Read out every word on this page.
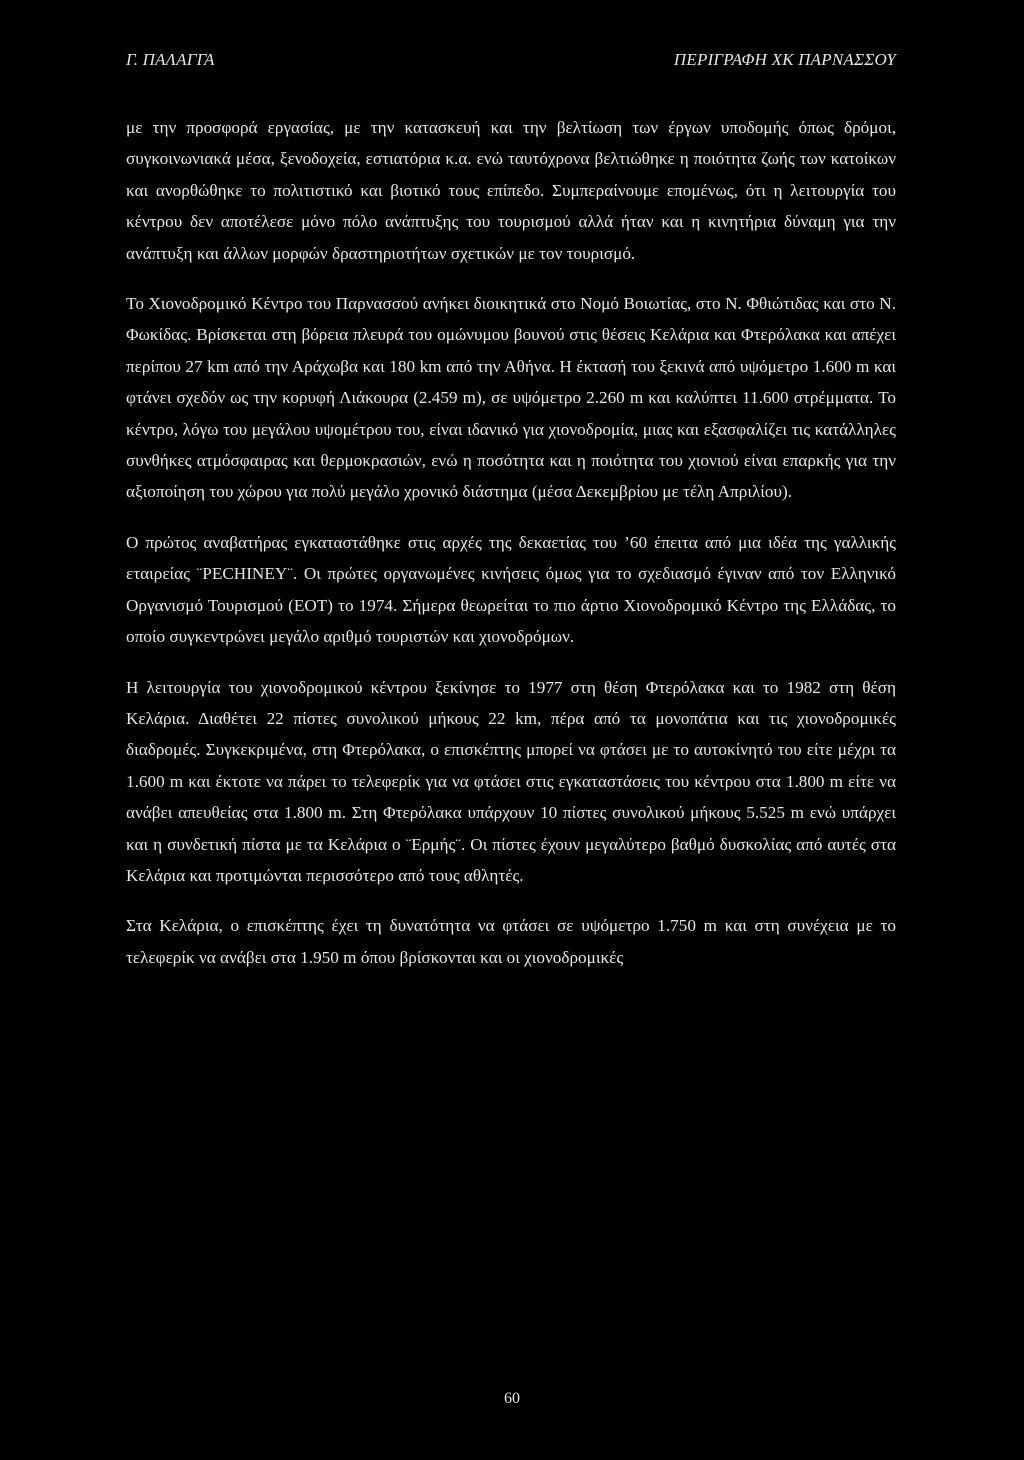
Γ. ΠΑΛΑΓΓΑ	ΠΕΡΙΓΡΑΦΗ ΧΚ ΠΑΡΝΑΣΣΟΥ

με την προσφορά εργασίας, με την κατασκευή και την βελτίωση των έργων υποδομής όπως δρόμοι, συγκοινωνιακά μέσα, ξενοδοχεία, εστιατόρια κ.α. ενώ ταυτόχρονα βελτιώθηκε η ποιότητα ζωής των κατοίκων και ανορθώθηκε το πολιτιστικό και βιοτικό τους επίπεδο. Συμπεραίνουμε επομένως, ότι η λειτουργία του κέντρου δεν αποτέλεσε μόνο πόλο ανάπτυξης του τουρισμού αλλά ήταν και η κινητήρια δύναμη για την ανάπτυξη και άλλων μορφών δραστηριοτήτων σχετικών με τον τουρισμό.

Το Χιονοδρομικό Κέντρο του Παρνασσού ανήκει διοικητικά στο Νομό Βοιωτίας, στο Ν. Φθιώτιδας και στο Ν. Φωκίδας. Βρίσκεται στη βόρεια πλευρά του ομώνυμου βουνού στις θέσεις Κελάρια και Φτερόλακα και απέχει περίπου 27 km από την Αράχωβα και 180 km από την Αθήνα. Η έκτασή του ξεκινά από υψόμετρο 1.600 m και φτάνει σχεδόν ως την κορυφή Λιάκουρα (2.459 m), σε υψόμετρο 2.260 m και καλύπτει 11.600 στρέμματα. Το κέντρο, λόγω του μεγάλου υψομέτρου του, είναι ιδανικό για χιονοδρομία, μιας και εξασφαλίζει τις κατάλληλες συνθήκες ατμόσφαιρας και θερμοκρασιών, ενώ η ποσότητα και η ποιότητα του χιονιού είναι επαρκής για την αξιοποίηση του χώρου για πολύ μεγάλο χρονικό διάστημα (μέσα Δεκεμβρίου με τέλη Απριλίου).

Ο πρώτος αναβατήρας εγκαταστάθηκε στις αρχές της δεκαετίας του ’60 έπειτα από μια ιδέα της γαλλικής εταιρείας ¨PECHINEY¨. Οι πρώτες οργανωμένες κινήσεις όμως για το σχεδιασμό έγιναν από τον Ελληνικό Οργανισμό Τουρισμού (ΕΟΤ) το 1974. Σήμερα θεωρείται το πιο άρτιο Χιονοδρομικό Κέντρο της Ελλάδας, το οποίο συγκεντρώνει μεγάλο αριθμό τουριστών και χιονοδρόμων.

Η λειτουργία του χιονοδρομικού κέντρου ξεκίνησε το 1977 στη θέση Φτερόλακα και το 1982 στη θέση Κελάρια. Διαθέτει 22 πίστες συνολικού μήκους 22 km, πέρα από τα μονοπάτια και τις χιονοδρομικές διαδρομές. Συγκεκριμένα, στη Φτερόλακα, ο επισκέπτης μπορεί να φτάσει με το αυτοκίνητό του είτε μέχρι τα 1.600 m και έκτοτε να πάρει το τελεφερίκ για να φτάσει στις εγκαταστάσεις του κέντρου στα 1.800 m είτε να ανάβει απευθείας στα 1.800 m. Στη Φτερόλακα υπάρχουν 10 πίστες συνολικού μήκους 5.525 m ενώ υπάρχει και η συνδετική πίστα με τα Κελάρια ο ¨Ερμής¨. Οι πίστες έχουν μεγαλύτερο βαθμό δυσκολίας από αυτές στα Κελάρια και προτιμώνται περισσότερο από τους αθλητές.

Στα Κελάρια, ο επισκέπτης έχει τη δυνατότητα να φτάσει σε υψόμετρο 1.750 m και στη συνέχεια με το τελεφερίκ να ανάβει στα 1.950 m όπου βρίσκονται και οι χιονοδρομικές

60
